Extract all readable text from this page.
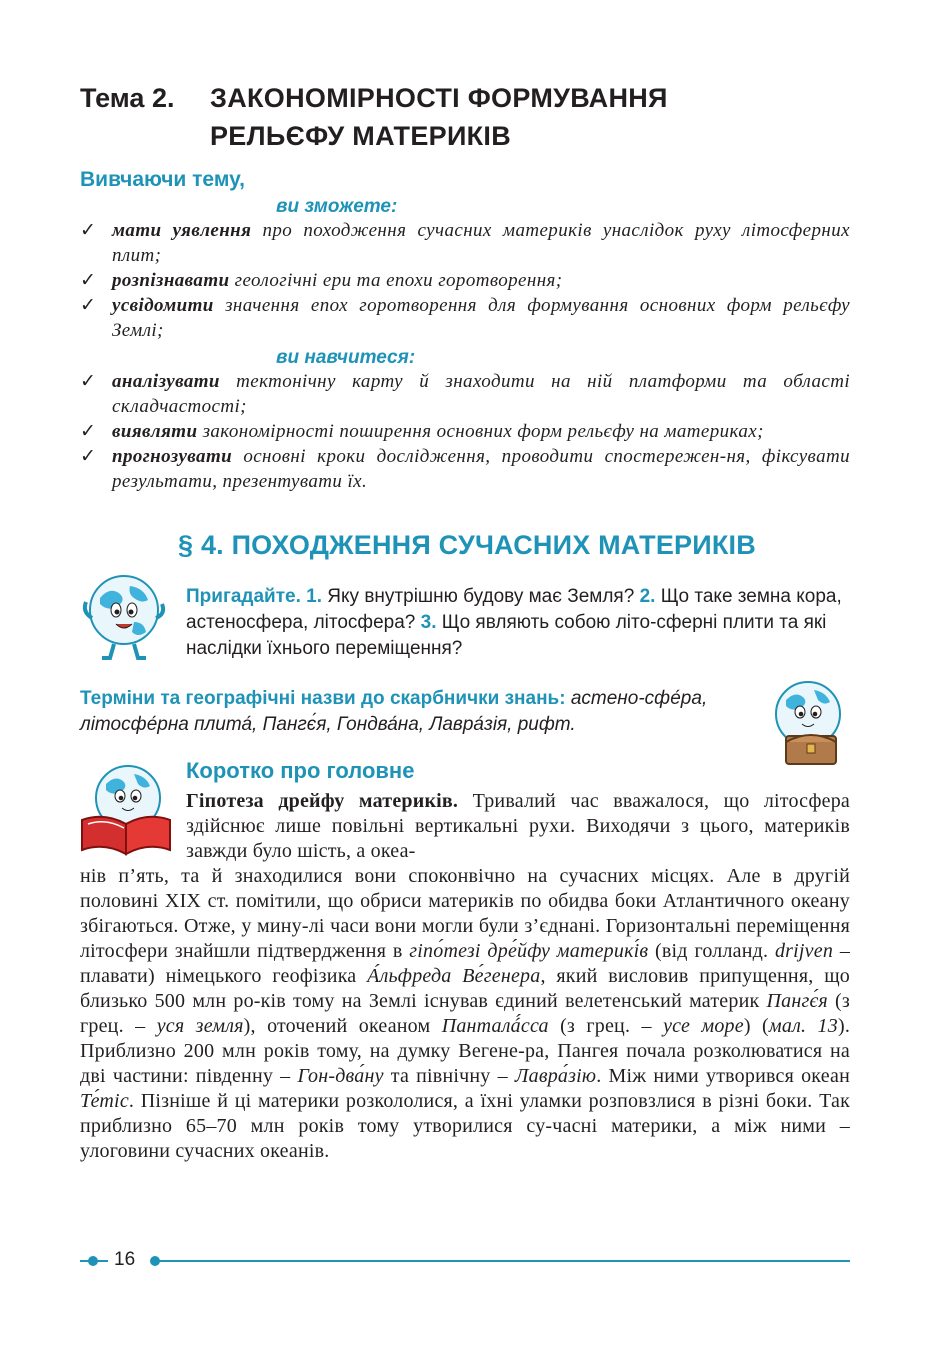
Тема 2. ЗАКОНОМІРНОСТІ ФОРМУВАННЯ
РЕЛЬЄФУ МАТЕРИКІВ
Вивчаючи тему,
ви зможете:
✓ мати уявлення про походження сучасних материків унаслідок руху літосферних плит;
✓ розпізнавати геологічні ери та епохи горотворення;
✓ усвідомити значення епох горотворення для формування основних форм рельєфу Землі;
ви навчитеся:
✓ аналізувати тектонічну карту й знаходити на ній платформи та області складчастості;
✓ виявляти закономірності поширення основних форм рельєфу на материках;
✓ прогнозувати основні кроки дослідження, проводити спостережен-ня, фіксувати результати, презентувати їх.
§ 4. ПОХОДЖЕННЯ СУЧАСНИХ МАТЕРИКІВ
Пригадайте. 1. Яку внутрішню будову має Земля? 2. Що таке земна кора, астеносфера, літосфера? 3. Що являють собою літо-сферні плити та які наслідки їхнього переміщення?
Терміни та географічні назви до скарбнички знань: астено-сфе́ра, літосфе́рна плита́, Пангє́я, Гондва́на, Лавра́зія, рифт.
Коротко про головне
Гіпотеза дрейфу материків. Тривалий час вважалося, що літосфера здійснює лише повільні вертикальні рухи. Виходячи з цього, материків завжди було шість, а океа-
нів п’ять, та й знаходилися вони споконвічно на сучасних місцях. Але в другій половині XIX ст. помітили, що обриси материків по обидва боки Атлантичного океану збігаються. Отже, у мину-лі часи вони могли були з’єднані. Горизонтальні переміщення літосфери знайшли підтвердження в гіпо́тезі дре́йфу материкі́в (від голланд. drijven – плавати) німецького геофізика А́льфреда Ве́генера, який висловив припущення, що близько 500 млн ро-ків тому на Землі існував єдиний велетенський материк Пангє́я (з грец. – уся земля), оточений океаном Панталá́сса (з грец. – усе море) (мал. 13). Приблизно 200 млн років тому, на думку Вегене-ра, Пангея почала розколюватися на дві частини: південну – Гон-два́ну та північну – Лавра́зію. Між ними утворився океан Те́тіс. Пізніше й ці материки розкололися, а їхні уламки розповзлися в різні боки. Так приблизно 65–70 млн років тому утворилися су-часні материки, а між ними – улоговини сучасних океанів.
16
